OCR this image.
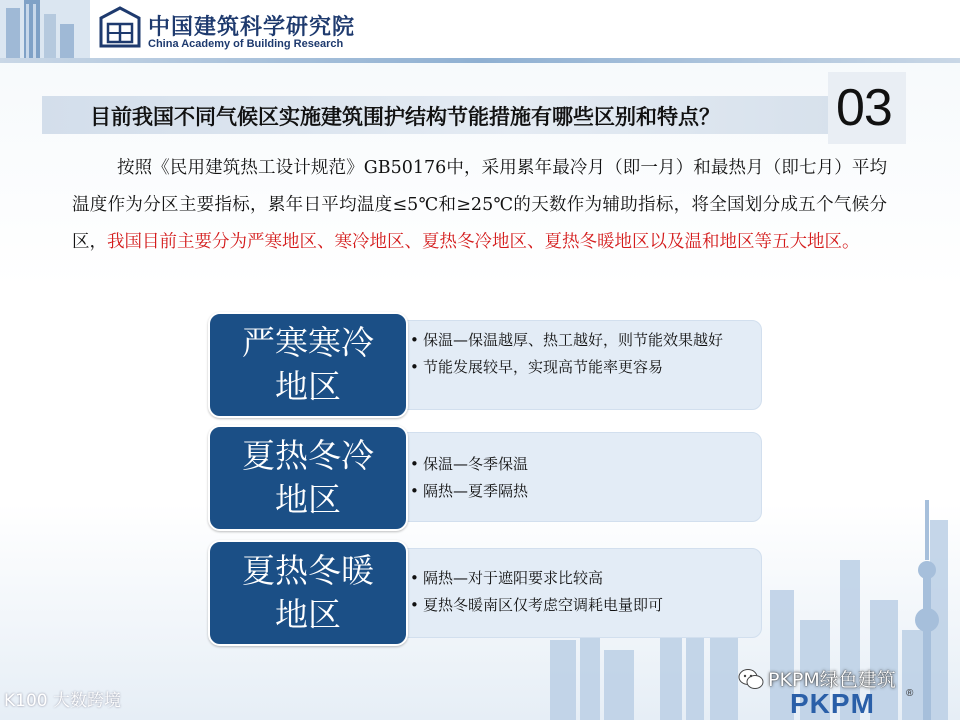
中国建筑科学研究院
China Academy of Building Research
目前我国不同气候区实施建筑围护结构节能措施有哪些区别和特点？ 03

按照《民用建筑热工设计规范》GB50176中，采用累年最冷月（即一月）和最热月（即七月）平均温度作为分区主要指标，累年日平均温度≤5℃和≥25℃的天数作为辅助指标，将全国划分成五个气候分区，我国目前主要分为严寒地区、寒冷地区、夏热冬冷地区、夏热冬暖地区以及温和地区等五大地区。

严寒寒冷
地区
• 保温—保温越厚、热工越好，则节能效果越好
• 节能发展较早，实现高节能率更容易
夏热冬冷
地区
• 保温—冬季保温
• 隔热—夏季隔热
夏热冬暖
地区
• 隔热—对于遮阳要求比较高
• 夏热冬暖南区仅考虑空调耗电量即可
K100 大数跨境
PKPM绿色建筑
PKPM	®
